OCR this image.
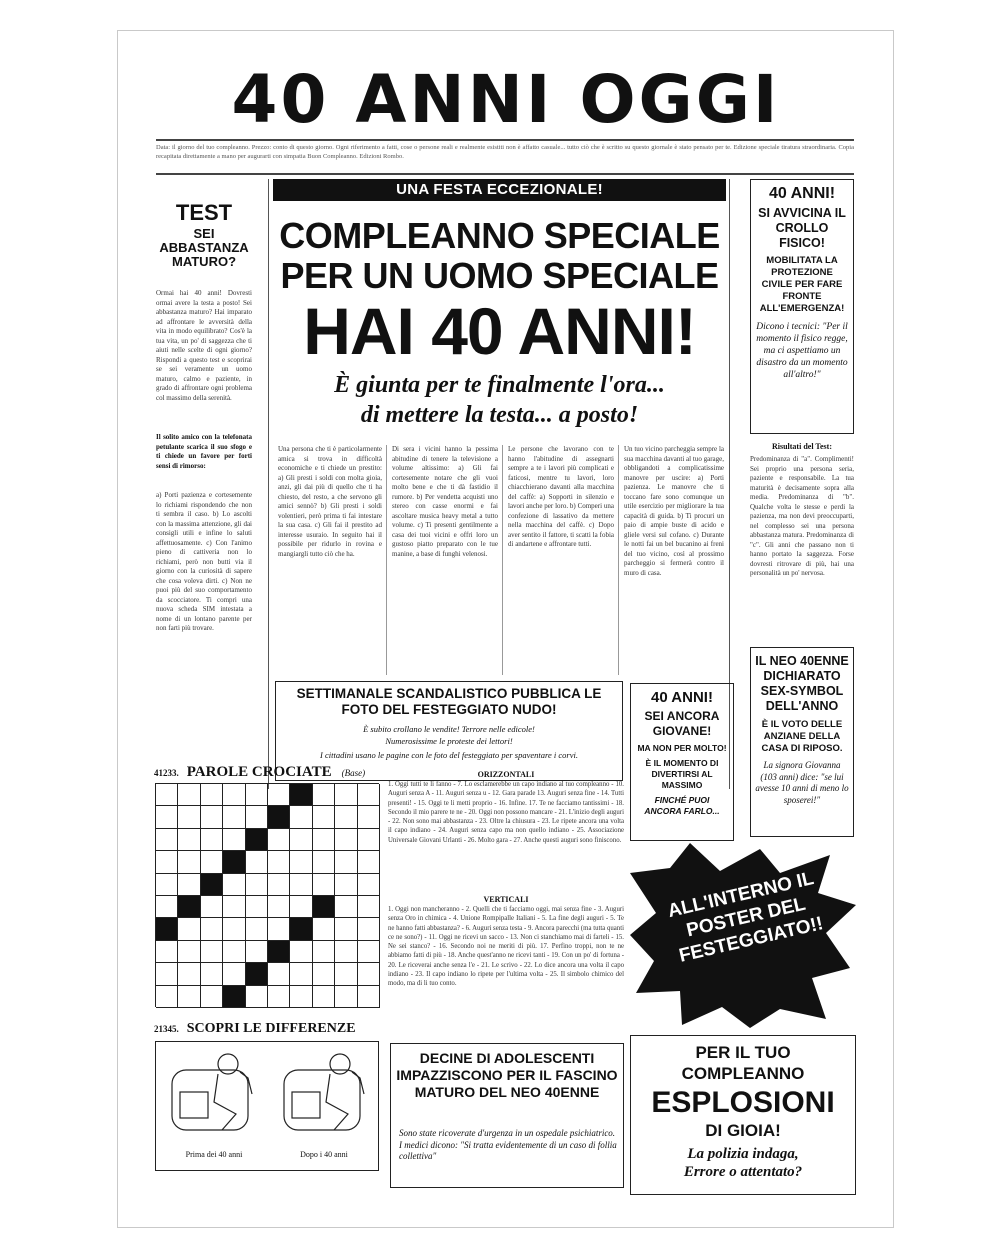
40 ANNI OGGI
Data: il giorno del tuo compleanno. Prezzo: conto di questo giorno. Ogni riferimento a fatti, cose o persone reali e realmente esistiti non è affatto casuale... tutto ciò che è scritto su questo giornale è stato pensato per te. Edizione speciale tiratura straordinaria. Copia recapitata direttamente a mano per augurarti con simpatia Buon Compleanno. Edizioni Rombo.
TEST
SEI ABBASTANZA MATURO?
Ormai hai 40 anni! Dovresti ormai avere la testa a posto! Sei abbastanza maturo? Hai imparato ad affrontare le avversità della vita in modo equilibrato? Cos'è la tua vita, un po' di saggezza che ti aiuti nelle scelte di ogni giorno? Rispondi a questo test e scoprirai se sei veramente un uomo maturo, calmo e paziente, in grado di affrontare ogni problema col massimo della serenità.
Il solito amico con la telefonata petulante scarica il suo sfogo e ti chiede un favore per forti sensi di rimorso:
a) Porti pazienza e cortesemente lo richiami rispondendo che non ti sembra il caso. b) Lo ascolti con la massima attenzione, gli dai consigli utili e infine lo saluti affettuosamente. c) Con l'animo pieno di cattiveria non lo richiami, però non butti via il giorno con la curiosità di sapere che cosa voleva dirti. c) Non ne puoi più del suo comportamento da scocciatore. Ti compri una nuova scheda SIM intestata a nome di un lontano parente per non farti più trovare.
UNA FESTA ECCEZIONALE!
COMPLEANNO SPECIALE
PER UN UOMO SPECIALE
HAI 40 ANNI!
È giunta per te finalmente l'ora...
di mettere la testa... a posto!
Una persona che ti è particolarmente amica si trova in difficoltà economiche e ti chiede un prestito: a) Gli presti i soldi con molta gioia, anzi, gli dai più di quello che ti ha chiesto, del resto, a che servono gli amici sennò? b) Gli presti i soldi volentieri, però prima ti fai intestare la sua casa. c) Gli fai il prestito ad interesse usuraio. In seguito hai il possibile per ridurlo in rovina e mangiargli tutto ciò che ha.
Di sera i vicini hanno la pessima abitudine di tenere la televisione a volume altissimo: a) Gli fai cortesemente notare che gli vuoi molto bene e che ti dà fastidio il rumore. b) Per vendetta acquisti uno stereo con casse enormi e fai ascoltare musica heavy metal a tutto volume. c) Ti presenti gentilmente a casa dei tuoi vicini e offri loro un gustoso piatto preparato con le tue manine, a base di funghi velenosi.
Le persone che lavorano con te hanno l'abitudine di assegnarti sempre a te i lavori più complicati e faticosi, mentre tu lavori, loro chiacchierano davanti alla macchina del caffè: a) Sopporti in silenzio e lavori anche per loro. b) Comperi una confezione di lassativo da mettere nella macchina del caffè. c) Dopo aver sentito il fattore, ti scatti la fobia di andartene e affrontare tutti.
Un tuo vicino parcheggia sempre la sua macchina davanti al tuo garage, obbligandoti a complicatissime manovre per uscire: a) Porti pazienza. Le manovre che ti toccano fare sono comunque un utile esercizio per migliorare la tua capacità di guida. b) Ti procuri un paio di ampie buste di acido e gliele versi sul cofano. c) Durante le notti fai un bel bucanino ai freni del tuo vicino, così al prossimo parcheggio si fermerà contro il muro di casa.
SETTIMANALE SCANDALISTICO PUBBLICA LE FOTO DEL FESTEGGIATO NUDO!
È subito crollano le vendite! Terrore nelle edicole!
Numerosissime le proteste dei lettori!
I cittadini usano le pagine con le foto del festeggiato per spaventare i corvi.
40 ANNI!
SI AVVICINA IL CROLLO FISICO!
MOBILITATA LA PROTEZIONE CIVILE PER FARE FRONTE ALL'EMERGENZA!
Dicono i tecnici: "Per il momento il fisico regge, ma ci aspettiamo un disastro da un momento all'altro!"
Risultati del Test:
Predominanza di "a". Complimenti! Sei proprio una persona seria, paziente e responsabile. La tua maturità è decisamente sopra alla media. Predominanza di "b". Qualche volta le stesse e perdi la pazienza, ma non devi preoccuparti, nel complesso sei una persona abbastanza matura. Predominanza di "c". Gli anni che passano non ti hanno portato la saggezza. Forse dovresti ritrovare di più, hai una personalità un po' nervosa.
IL NEO 40ENNE DICHIARATO SEX-SYMBOL DELL'ANNO
È IL VOTO DELLE ANZIANE DELLA CASA DI RIPOSO.
La signora Giovanna (103 anni) dice: "se lui avesse 10 anni di meno lo sposerei!"
40 ANNI!
SEI ANCORA GIOVANE!
MA NON PER MOLTO!
È IL MOMENTO DI DIVERTIRSI AL MASSIMO
FINCHÉ PUOI ANCORA FARLO...
ALL'INTERNO IL POSTER DEL FESTEGGIATO!!
PER IL TUO COMPLEANNO
ESPLOSIONI
DI GIOIA!
La polizia indaga,
Errore o attentato?
41233. PAROLE CROCIATE (Base)	ORIZZONTALI
1. Oggi tutti te li fanno - 7. Lo esclamerebbe un capo indiano al tuo compleanno - 10. Auguri senza A - 11. Auguri senza u - 12. Gara parade 13. Auguri senza fine - 14. Tutti presenti! - 15. Oggi te li metti proprio - 16. Infine. 17. Te ne facciamo tantissimi - 18. Secondo il mio parere te ne - 20. Oggi non possono mancare - 21. L'inizio degli auguri - 22. Non sono mai abbastanza - 23. Oltre la chiusura - 23. Le ripete ancora una volta il capo indiano - 24. Auguri senza capo ma non quello indiano - 25. Associazione Universale Giovani Urlanti - 26. Molto gara - 27. Anche questi auguri sono finiscono.
VERTICALI
1. Oggi non mancheranno - 2. Quelli che ti facciamo oggi, mai senza fine - 3. Auguri senza Oro in chimica - 4. Unione Rompipalle Italiani - 5. La fine degli auguri - 5. Te ne hanno fatti abbastanza? - 6. Auguri senza testa - 9. Ancora parecchi (ma tutta quanti ce ne sono?) - 11. Oggi ne ricevi un sacco - 13. Non ci stanchiamo mai di farteli - 15. Ne sei stanco? - 16. Secondo noi ne meriti di più. 17. Perfino troppi, non te ne abbiamo fatti di più - 18. Anche quest'anno ne ricevi tanti - 19. Con un po' di fortuna - 20. Le riceverai anche senza l'e - 21. Le scrivo - 22. Lo dice ancora una volta il capo indiano - 23. Il capo indiano lo ripete per l'ultima volta - 25. Il simbolo chimico del modo, ma di li tuo conto.
21345. SCOPRI LE DIFFERENZE
Prima dei 40 anni	Dopo i 40 anni
DECINE DI ADOLESCENTI IMPAZZISCONO PER IL FASCINO MATURO DEL NEO 40ENNE
Sono state ricoverate d'urgenza in un ospedale psichiatrico. I medici dicono: "Si tratta evidentemente di un caso di follia collettiva"
